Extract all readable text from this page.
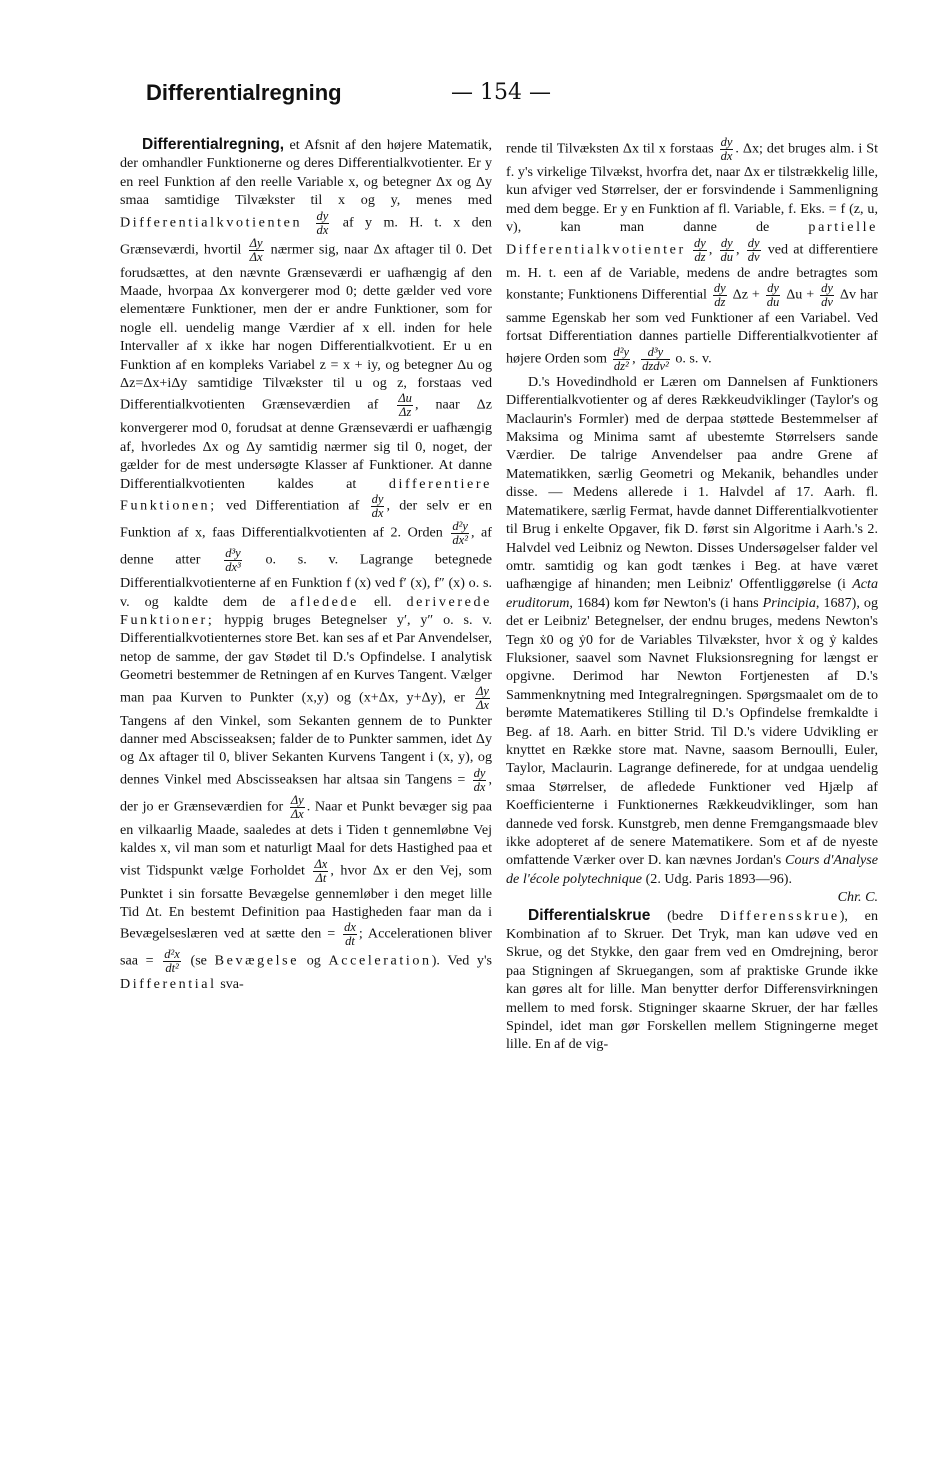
Differentialregning	— 154 —

Differentialregning, et Afsnit af den højere Matematik, der omhandler Funktionerne og deres Differentialkvotienter. Er y en reel Funktion af den reelle Variable x, og betegner Δx og Δy smaa samtidige Tilvækster til x og y, menes med Differentialkvotienten $\frac{dy}{dx}$ af y m. H. t. x den Grænseværdi, hvortil $\frac{\Delta y}{\Delta x}$ nærmer sig, naar Δx aftager til 0. Det forudsættes, at den nævnte Grænseværdi er uafhængig af den Maade, hvorpaa Δx konvergerer mod 0; dette gælder ved vore elementære Funktioner, men der er andre Funktioner, som for nogle ell. uendelig mange Værdier af x ell. inden for hele Intervaller af x ikke har nogen Differentialkvotient. Er u en Funktion af en kompleks Variabel z = x + iy, og betegner Δu og Δz=Δx+iΔy samtidige Tilvækster til u og z, forstaas ved Differentialkvotienten Grænseværdien af $\frac{\Delta u}{\Delta z}$ , naar Δz konvergerer mod 0, forudsat at denne Grænseværdi er uafhængig af, hvorledes Δx og Δy samtidig nærmer sig til 0, noget, der gælder for de mest undersøgte Klasser af Funktioner. At danne Differentialkvotienten kaldes at differentiere Funktionen; ved Differentiation af $\frac{dy}{dx}$ , der selv er en Funktion af x, faas Differentialkvotienten af 2. Orden $\frac{\text{d²y}}{\text{dx²}}$ , af denne atter $\frac{\text{d³y}}{\text{dx³}} o$. s. v. Lagrange betegnede Differentialkvotienterne af en Funktion f (x) ved f′ (x), f″ (x) o. s. v. og kaldte dem de afledede ell. deriverede Funktioner; hyppig bruges Betegnelser y′, y″ o. s. v. Differentialkvotienternes store Bet. kan ses af et Par Anvendelser, netop de samme, der gav Stødet til D.'s Opfindelse. I analytisk Geometri bestemmer de Retningen af en Kurves Tangent. Vælger man paa Kurven to Punkter (x,y) og (x+Δx, y+Δy), er $\frac{\Delta y}{\Delta x}$
Tangens af den Vinkel, som Sekanten gennem de to Punkter danner med Abscisseaksen; falder de to Punkter sammen, idet Δy og Δx aftager til 0, bliver Sekanten Kurvens Tangent i (x, y), og dennes Vinkel med Abscisseaksen har altsaa sin Tangens = $\frac{dy}{dx}$ , der jo er Grænseværdien for $\frac{\Delta y}{\Delta x}$ . Naar et Punkt bevæger sig paa en vilkaarlig Maade, saaledes at dets i Tiden t gennemløbne Vej kaldes x, vil man som et naturligt Maal for dets Hastighed paa et vist Tidspunkt vælge Forholdet $\frac{\Delta x}{\Delta t}$ , hvor Δx er den Vej, som Punktet i sin forsatte Bevægelse gennemløber i den meget lille Tid Δt. En bestemt Definition paa Hastigheden faar man da i Bevægelseslæren ved at sætte den = $\frac{dx}{dt}$ ; Accelerationen bliver saa = $\frac{\text{d²x}}{\text{dt²}} (se$ Bevægelse og Acceleration). Ved y's Differential sva-

rende til Tilvæksten Δx til x forstaas $\frac{dy}{dx}$ . Δx; det bruges alm. i St f. y's virkelige Tilvækst, hvorfra det, naar Δx er tilstrækkelig lille, kun afviger ved Størrelser, der er forsvindende i Sammenligning med dem begge. Er y en Funktion af fl. Variable, f. Eks. = f (z, u, v), kan man danne de	partielle Differentialkvotienter $\frac{dy}{dz}$ , $\frac{dy}{du}$ , $\frac{dy}{dv}$ ved at differentiere m. H. t. een af de Variable, medens de andre betragtes som konstante; Funktionens Differential $\frac{dy}{dz}$ $\Delta z + \frac{dy}{du}$ $\Delta u + \frac{dy}{dv}$ Δv har samme Egenskab her som ved Funktioner af een Variabel. Ved fortsat Differentiation dannes partielle Differentialkvotienter af højere Orden som $\frac{\text{d²y}}{\text{dz²}}$ , d³y
dzdv² o. s. v.

D.'s Hovedindhold er Læren om Dannelsen af Funktioners Differentialkvotienter og af deres Rækkeudviklinger (Taylor's og Maclaurin's Formler) med de derpaa støttede Bestemmelser af Maksima og Minima samt af ubestemte Størrelsers sande Værdier. De talrige Anvendelser paa andre Grene af Matematikken, særlig Geometri og Mekanik, behandles under disse. — Medens allerede i 1. Halvdel af 17. Aarh. fl. Matematikere, særlig Fermat, havde dannet Differentialkvotienter til Brug i enkelte Opgaver, fik D. først sin Algoritme i Aarh.'s 2. Halvdel ved Leibniz og Newton. Disses Undersøgelser falder vel omtr. samtidig og kan godt tænkes i Beg. at have været uafhængige af hinanden; men Leibniz' Offentliggørelse (i Acta eruditorum, 1684) kom før Newton's (i hans Principia, 1687), og det er Leibniz' Betegnelser, der endnu bruges, medens Newton's Tegn ẋ0 og ẏ0 for de Variables Tilvækster, hvor ẋ og ẏ kaldes Fluksioner, saavel som Navnet Fluksionsregning for længst er opgivne. Derimod har Newton Fortjenesten af D.'s Sammenknytning med Integralregningen. Spørgsmaalet om de to berømte Matematikeres Stilling til D.'s Opfindelse fremkaldte i Beg. af 18. Aarh. en bitter Strid. Til D.'s videre Udvikling er knyttet en Række store mat. Navne, saasom Bernoulli, Euler, Taylor, Maclaurin. Lagrange definerede, for at undgaa uendelig smaa Størrelser, de afledede Funktioner ved Hjælp af Koefficienterne i Funktionernes Rækkeudviklinger, som han dannede ved forsk. Kunstgreb, men denne Fremgangsmaade blev ikke adopteret af de senere Matematikere. Som et af de nyeste omfattende Værker over D. kan nævnes Jordan's Cours d'Analyse de l'école polytechnique (2. Udg. Paris 1893—96).

Chr. C.

Differentialskrue (bedre Differensskrue), en Kombination af to Skruer. Det Tryk, man kan udøve ved en Skrue, og det Stykke, den gaar frem ved en Omdrejning, beror paa Stigningen af Skruegangen, som af praktiske Grunde ikke kan gøres alt for lille. Man benytter derfor Differensvirkningen mellem to med forsk. Stigninger skaarne Skruer, der har fælles Spindel, idet man gør Forskellen mellem Stigningerne meget lille. En af de vig-
